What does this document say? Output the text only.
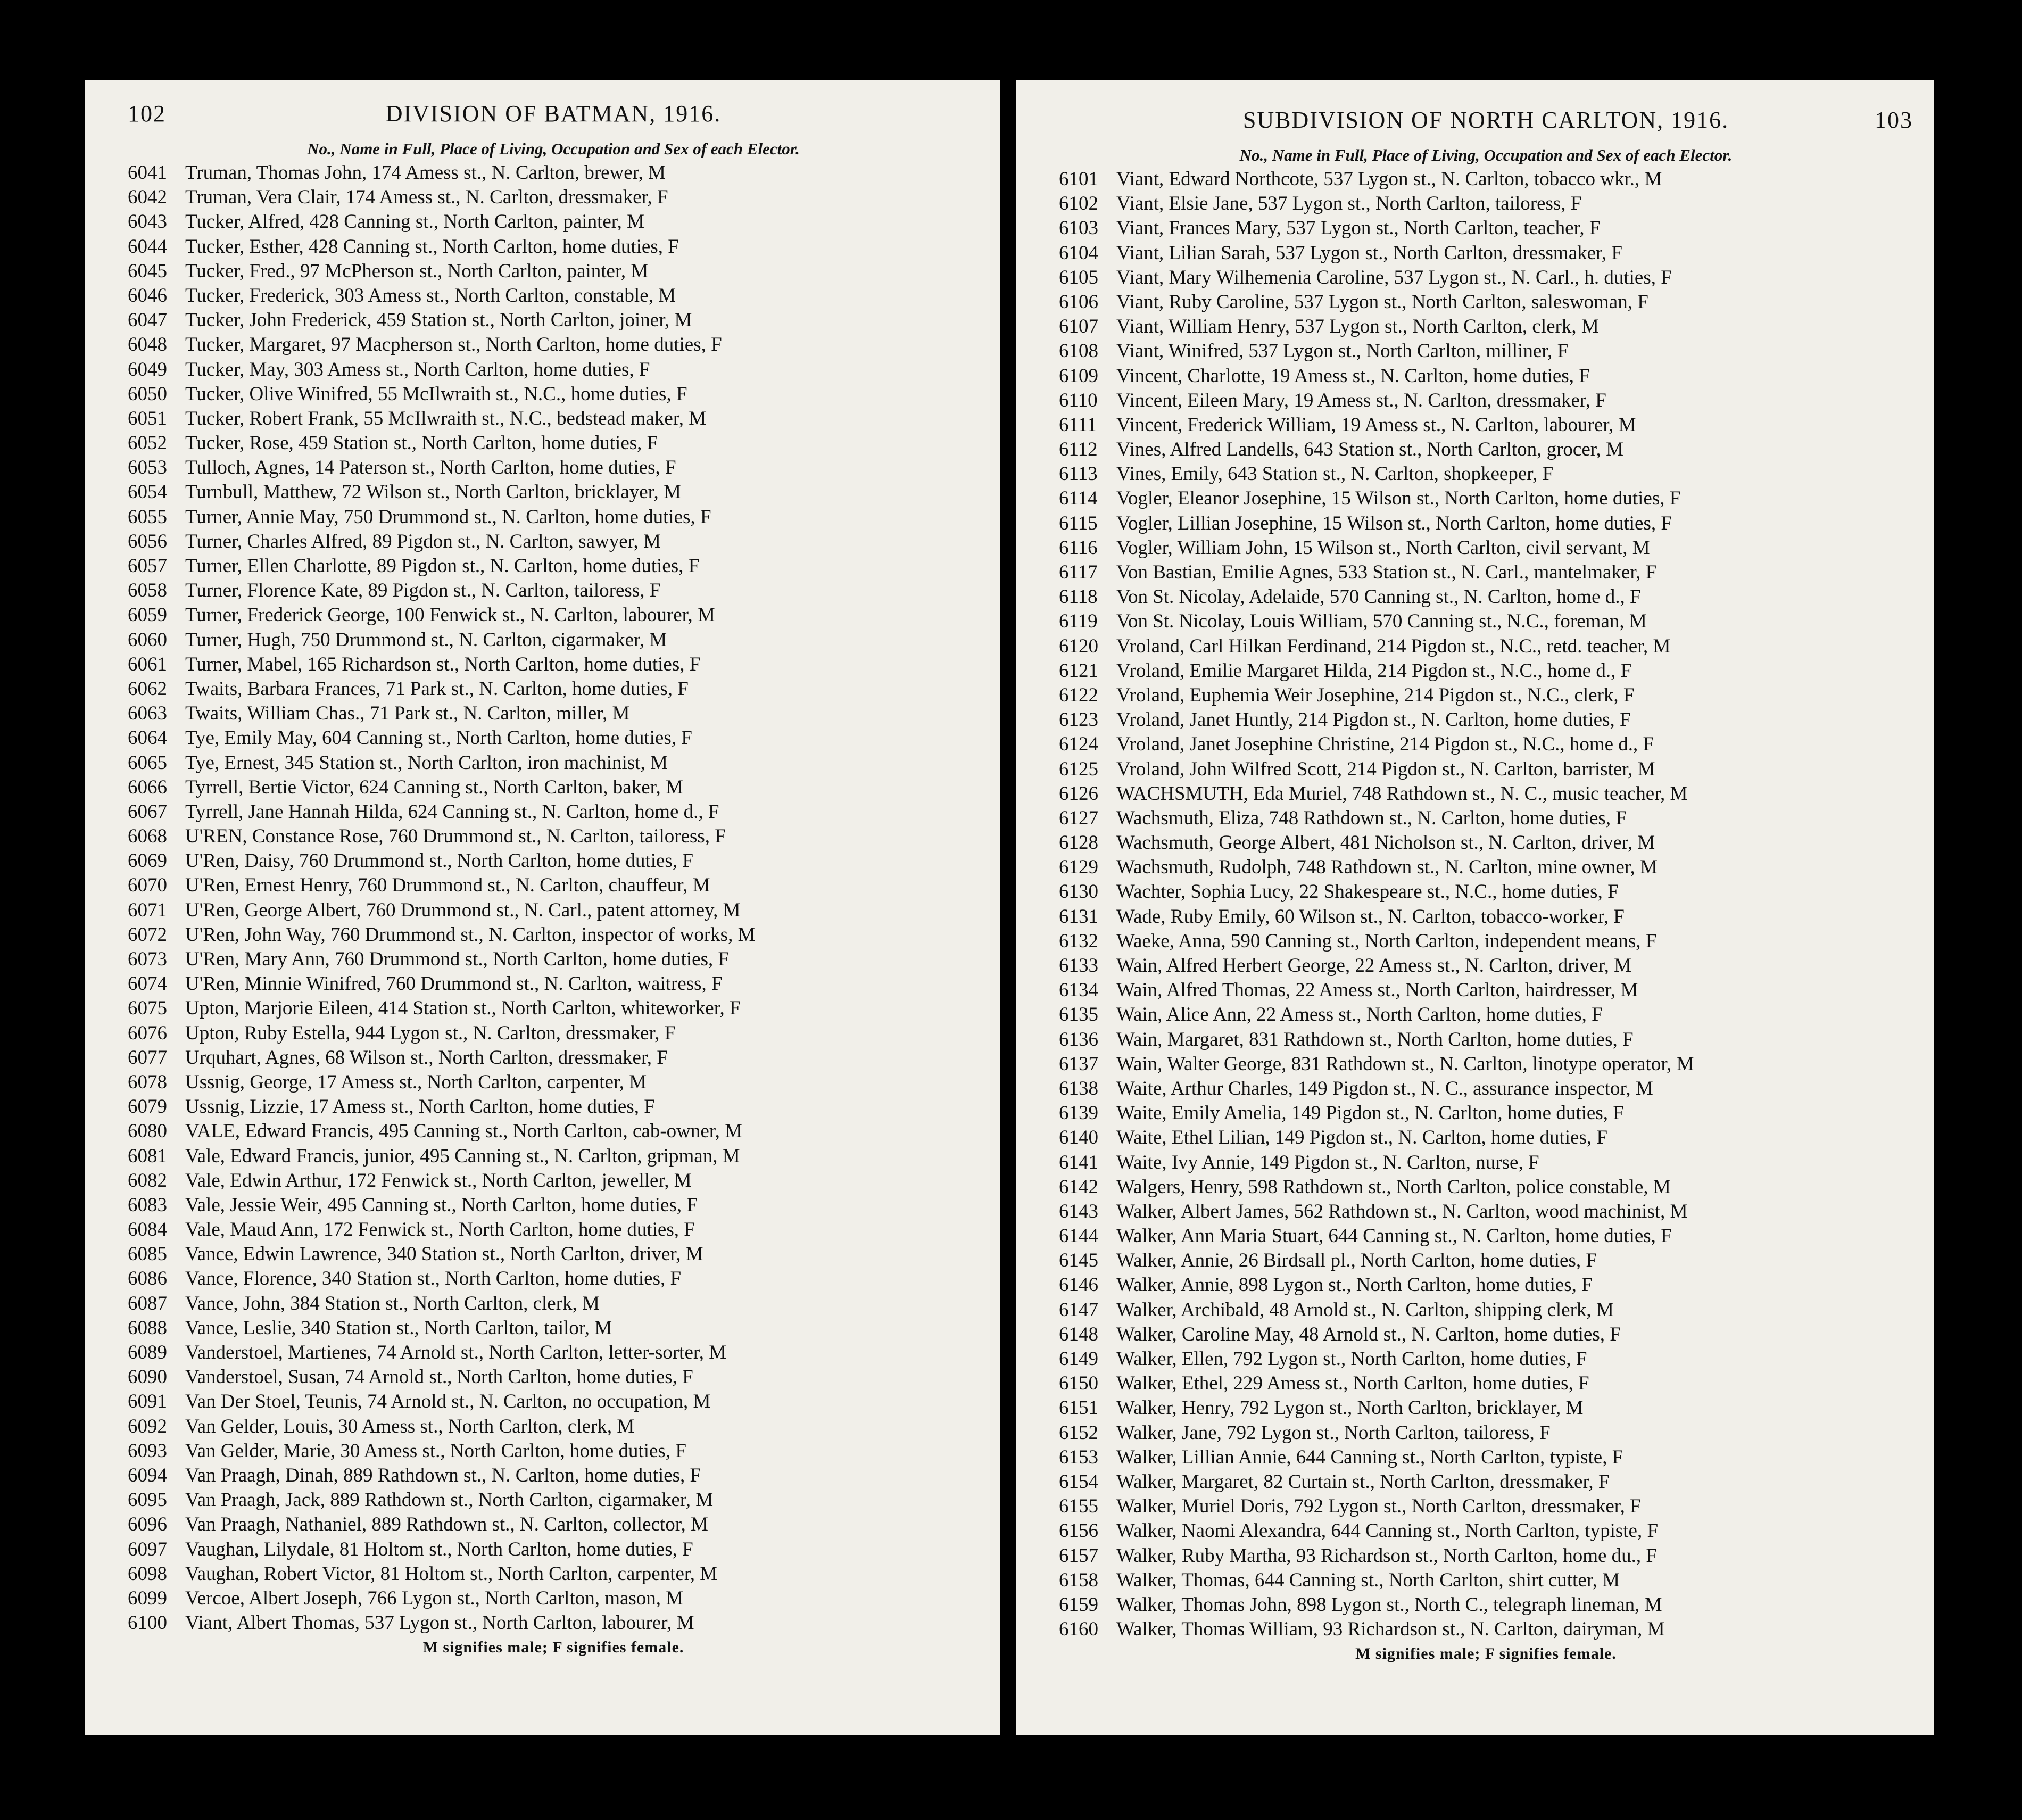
102	DIVISION OF BATMAN, 1916.
No., Name in Full, Place of Living, Occupation and Sex of each Elector.
6041 Truman, Thomas John, 174 Amess st., N. Carlton, brewer, M
6042 Truman, Vera Clair, 174 Amess st., N. Carlton, dressmaker, F
6043 Tucker, Alfred, 428 Canning st., North Carlton, painter, M
6044 Tucker, Esther, 428 Canning st., North Carlton, home duties, F
6045 Tucker, Fred., 97 McPherson st., North Carlton, painter, M
6046 Tucker, Frederick, 303 Amess st., North Carlton, constable, M
6047 Tucker, John Frederick, 459 Station st., North Carlton, joiner, M
6048 Tucker, Margaret, 97 Macpherson st., North Carlton, home duties, F
6049 Tucker, May, 303 Amess st., North Carlton, home duties, F
6050 Tucker, Olive Winifred, 55 McIlwraith st., N.C., home duties, F
6051 Tucker, Robert Frank, 55 McIlwraith st., N.C., bedstead maker, M
6052 Tucker, Rose, 459 Station st., North Carlton, home duties, F
6053 Tulloch, Agnes, 14 Paterson st., North Carlton, home duties, F
6054 Turnbull, Matthew, 72 Wilson st., North Carlton, bricklayer, M
6055 Turner, Annie May, 750 Drummond st., N. Carlton, home duties, F
6056 Turner, Charles Alfred, 89 Pigdon st., N. Carlton, sawyer, M
6057 Turner, Ellen Charlotte, 89 Pigdon st., N. Carlton, home duties, F
6058 Turner, Florence Kate, 89 Pigdon st., N. Carlton, tailoress, F
6059 Turner, Frederick George, 100 Fenwick st., N. Carlton, labourer, M
6060 Turner, Hugh, 750 Drummond st., N. Carlton, cigarmaker, M
6061 Turner, Mabel, 165 Richardson st., North Carlton, home duties, F
6062 Twaits, Barbara Frances, 71 Park st., N. Carlton, home duties, F
6063 Twaits, William Chas., 71 Park st., N. Carlton, miller, M
6064 Tye, Emily May, 604 Canning st., North Carlton, home duties, F
6065 Tye, Ernest, 345 Station st., North Carlton, iron machinist, M
6066 Tyrrell, Bertie Victor, 624 Canning st., North Carlton, baker, M
6067 Tyrrell, Jane Hannah Hilda, 624 Canning st., N. Carlton, home d., F
6068 U'REN, Constance Rose, 760 Drummond st., N. Carlton, tailoress, F
6069 U'Ren, Daisy, 760 Drummond st., North Carlton, home duties, F
6070 U'Ren, Ernest Henry, 760 Drummond st., N. Carlton, chauffeur, M
6071 U'Ren, George Albert, 760 Drummond st., N. Carl., patent attorney, M
6072 U'Ren, John Way, 760 Drummond st., N. Carlton, inspector of works, M
6073 U'Ren, Mary Ann, 760 Drummond st., North Carlton, home duties, F
6074 U'Ren, Minnie Winifred, 760 Drummond st., N. Carlton, waitress, F
6075 Upton, Marjorie Eileen, 414 Station st., North Carlton, whiteworker, F
6076 Upton, Ruby Estella, 944 Lygon st., N. Carlton, dressmaker, F
6077 Urquhart, Agnes, 68 Wilson st., North Carlton, dressmaker, F
6078 Ussnig, George, 17 Amess st., North Carlton, carpenter, M
6079 Ussnig, Lizzie, 17 Amess st., North Carlton, home duties, F
6080 VALE, Edward Francis, 495 Canning st., North Carlton, cab-owner, M
6081 Vale, Edward Francis, junior, 495 Canning st., N. Carlton, gripman, M
6082 Vale, Edwin Arthur, 172 Fenwick st., North Carlton, jeweller, M
6083 Vale, Jessie Weir, 495 Canning st., North Carlton, home duties, F
6084 Vale, Maud Ann, 172 Fenwick st., North Carlton, home duties, F
6085 Vance, Edwin Lawrence, 340 Station st., North Carlton, driver, M
6086 Vance, Florence, 340 Station st., North Carlton, home duties, F
6087 Vance, John, 384 Station st., North Carlton, clerk, M
6088 Vance, Leslie, 340 Station st., North Carlton, tailor, M
6089 Vanderstoel, Martienes, 74 Arnold st., North Carlton, letter-sorter, M
6090 Vanderstoel, Susan, 74 Arnold st., North Carlton, home duties, F
6091 Van Der Stoel, Teunis, 74 Arnold st., N. Carlton, no occupation, M
6092 Van Gelder, Louis, 30 Amess st., North Carlton, clerk, M
6093 Van Gelder, Marie, 30 Amess st., North Carlton, home duties, F
6094 Van Praagh, Dinah, 889 Rathdown st., N. Carlton, home duties, F
6095 Van Praagh, Jack, 889 Rathdown st., North Carlton, cigarmaker, M
6096 Van Praagh, Nathaniel, 889 Rathdown st., N. Carlton, collector, M
6097 Vaughan, Lilydale, 81 Holtom st., North Carlton, home duties, F
6098 Vaughan, Robert Victor, 81 Holtom st., North Carlton, carpenter, M
6099 Vercoe, Albert Joseph, 766 Lygon st., North Carlton, mason, M
6100 Viant, Albert Thomas, 537 Lygon st., North Carlton, labourer, M
M signifies male; F signifies female.
SUBDIVISION OF NORTH CARLTON, 1916.	103
No., Name in Full, Place of Living, Occupation and Sex of each Elector.
6101 Viant, Edward Northcote, 537 Lygon st., N. Carlton, tobacco wkr., M
6102 Viant, Elsie Jane, 537 Lygon st., North Carlton, tailoress, F
6103 Viant, Frances Mary, 537 Lygon st., North Carlton, teacher, F
6104 Viant, Lilian Sarah, 537 Lygon st., North Carlton, dressmaker, F
6105 Viant, Mary Wilhemenia Caroline, 537 Lygon st., N. Carl., h. duties, F
6106 Viant, Ruby Caroline, 537 Lygon st., North Carlton, saleswoman, F
6107 Viant, William Henry, 537 Lygon st., North Carlton, clerk, M
6108 Viant, Winifred, 537 Lygon st., North Carlton, milliner, F
6109 Vincent, Charlotte, 19 Amess st., N. Carlton, home duties, F
6110 Vincent, Eileen Mary, 19 Amess st., N. Carlton, dressmaker, F
6111 Vincent, Frederick William, 19 Amess st., N. Carlton, labourer, M
6112 Vines, Alfred Landells, 643 Station st., North Carlton, grocer, M
6113 Vines, Emily, 643 Station st., N. Carlton, shopkeeper, F
6114 Vogler, Eleanor Josephine, 15 Wilson st., North Carlton, home duties, F
6115 Vogler, Lillian Josephine, 15 Wilson st., North Carlton, home duties, F
6116 Vogler, William John, 15 Wilson st., North Carlton, civil servant, M
6117 Von Bastian, Emilie Agnes, 533 Station st., N. Carl., mantelmaker, F
6118 Von St. Nicolay, Adelaide, 570 Canning st., N. Carlton, home d., F
6119 Von St. Nicolay, Louis William, 570 Canning st., N.C., foreman, M
6120 Vroland, Carl Hilkan Ferdinand, 214 Pigdon st., N.C., retd. teacher, M
6121 Vroland, Emilie Margaret Hilda, 214 Pigdon st., N.C., home d., F
6122 Vroland, Euphemia Weir Josephine, 214 Pigdon st., N.C., clerk, F
6123 Vroland, Janet Huntly, 214 Pigdon st., N. Carlton, home duties, F
6124 Vroland, Janet Josephine Christine, 214 Pigdon st., N.C., home d., F
6125 Vroland, John Wilfred Scott, 214 Pigdon st., N. Carlton, barrister, M
6126 WACHSMUTH, Eda Muriel, 748 Rathdown st., N. C., music teacher, M
6127 Wachsmuth, Eliza, 748 Rathdown st., N. Carlton, home duties, F
6128 Wachsmuth, George Albert, 481 Nicholson st., N. Carlton, driver, M
6129 Wachsmuth, Rudolph, 748 Rathdown st., N. Carlton, mine owner, M
6130 Wachter, Sophia Lucy, 22 Shakespeare st., N.C., home duties, F
6131 Wade, Ruby Emily, 60 Wilson st., N. Carlton, tobacco-worker, F
6132 Waeke, Anna, 590 Canning st., North Carlton, independent means, F
6133 Wain, Alfred Herbert George, 22 Amess st., N. Carlton, driver, M
6134 Wain, Alfred Thomas, 22 Amess st., North Carlton, hairdresser, M
6135 Wain, Alice Ann, 22 Amess st., North Carlton, home duties, F
6136 Wain, Margaret, 831 Rathdown st., North Carlton, home duties, F
6137 Wain, Walter George, 831 Rathdown st., N. Carlton, linotype operator, M
6138 Waite, Arthur Charles, 149 Pigdon st., N. C., assurance inspector, M
6139 Waite, Emily Amelia, 149 Pigdon st., N. Carlton, home duties, F
6140 Waite, Ethel Lilian, 149 Pigdon st., N. Carlton, home duties, F
6141 Waite, Ivy Annie, 149 Pigdon st., N. Carlton, nurse, F
6142 Walgers, Henry, 598 Rathdown st., North Carlton, police constable, M
6143 Walker, Albert James, 562 Rathdown st., N. Carlton, wood machinist, M
6144 Walker, Ann Maria Stuart, 644 Canning st., N. Carlton, home duties, F
6145 Walker, Annie, 26 Birdsall pl., North Carlton, home duties, F
6146 Walker, Annie, 898 Lygon st., North Carlton, home duties, F
6147 Walker, Archibald, 48 Arnold st., N. Carlton, shipping clerk, M
6148 Walker, Caroline May, 48 Arnold st., N. Carlton, home duties, F
6149 Walker, Ellen, 792 Lygon st., North Carlton, home duties, F
6150 Walker, Ethel, 229 Amess st., North Carlton, home duties, F
6151 Walker, Henry, 792 Lygon st., North Carlton, bricklayer, M
6152 Walker, Jane, 792 Lygon st., North Carlton, tailoress, F
6153 Walker, Lillian Annie, 644 Canning st., North Carlton, typiste, F
6154 Walker, Margaret, 82 Curtain st., North Carlton, dressmaker, F
6155 Walker, Muriel Doris, 792 Lygon st., North Carlton, dressmaker, F
6156 Walker, Naomi Alexandra, 644 Canning st., North Carlton, typiste, F
6157 Walker, Ruby Martha, 93 Richardson st., North Carlton, home du., F
6158 Walker, Thomas, 644 Canning st., North Carlton, shirt cutter, M
6159 Walker, Thomas John, 898 Lygon st., North C., telegraph lineman, M
6160 Walker, Thomas William, 93 Richardson st., N. Carlton, dairyman, M
M signifies male; F signifies female.
